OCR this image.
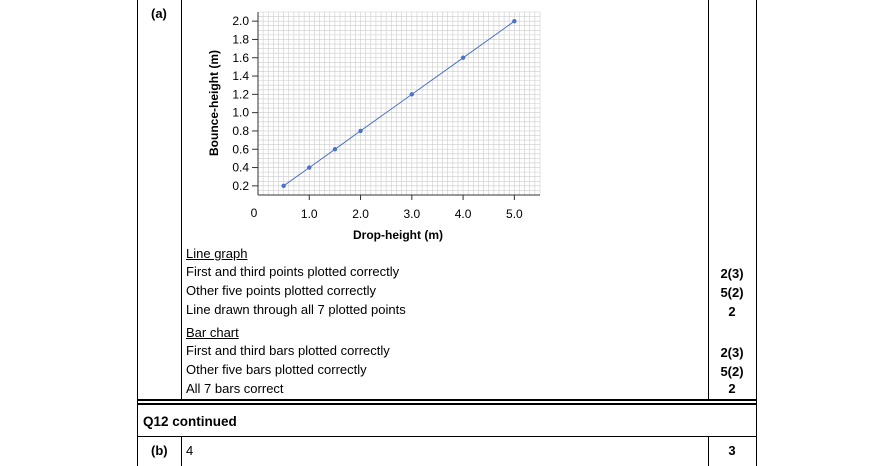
(a)
1.0	2.0	3.0	4.0	5.0
0.2
0.4
0.6
0.8
1.0
1.2
1.4
1.6
1.8
2.0
0
Drop-height (m)
Bounce-height (m)
Line graph
First and third points plotted correctly	2(3)
Other five points plotted correctly	5(2)
Line drawn through all 7 plotted points	2
Bar chart
First and third bars plotted correctly	2(3)
Other five bars plotted correctly	5(2)
All 7 bars correct	2
Q12 continued
(b) 4	3
